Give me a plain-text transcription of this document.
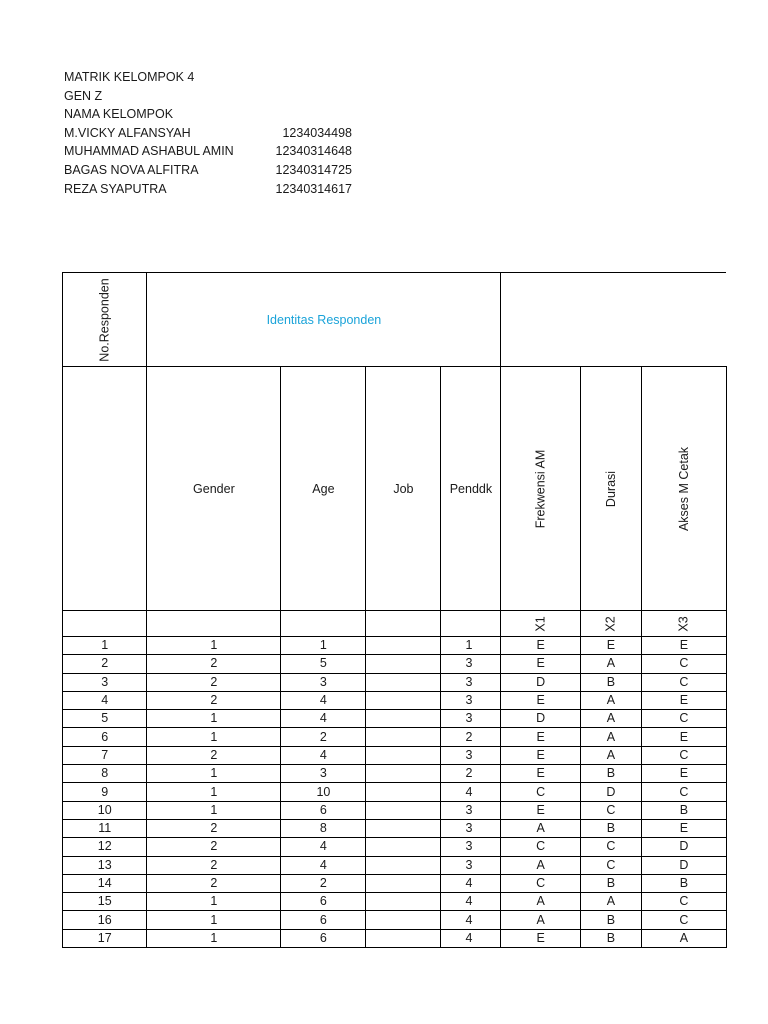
MATRIK KELOMPOK 4
GEN Z
NAMA KELOMPOK
M.VICKY ALFANSYAH	1234034498
MUHAMMAD ASHABUL AMIN	12340314648
BAGAS NOVA ALFITRA	12340314725
REZA SYAPUTRA	12340314617
No.Responden	Identitas Responden						
	Gender	Age	Job	Penddk	Frekwensi AM	Durasi	Akses M Cetak
					X1	X2	X3
1	1	1		1	E	E	E
2	2	5		3	E	A	C
3	2	3		3	D	B	C
4	2	4		3	E	A	E
5	1	4		3	D	A	C
6	1	2		2	E	A	E
7	2	4		3	E	A	C
8	1	3		2	E	B	E
9	1	10		4	C	D	C
10	1	6		3	E	C	B
11	2	8		3	A	B	E
12	2	4		3	C	C	D
13	2	4		3	A	C	D
14	2	2		4	C	B	B
15	1	6		4	A	A	C
16	1	6		4	A	B	C
17	1	6		4	E	B	A
